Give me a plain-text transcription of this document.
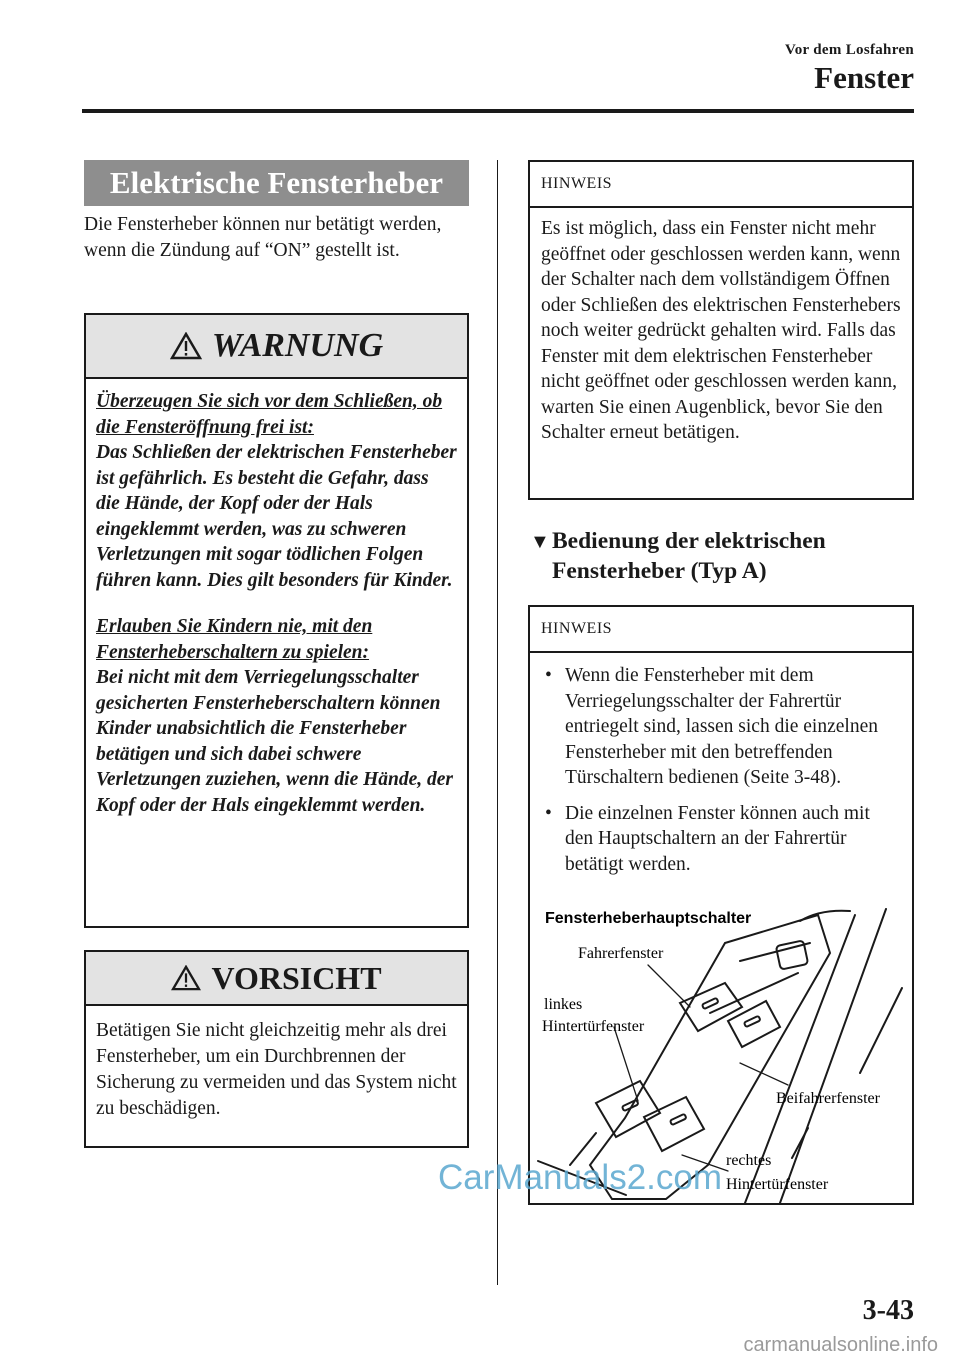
Vor dem Losfahren
Fenster
Elektrische Fensterheber
Die Fensterheber können nur betätigt werden, wenn die Zündung auf “ON” gestellt ist.
WARNUNG

Überzeugen Sie sich vor dem Schließen, ob die Fensteröffnung frei ist:

Das Schließen der elektrischen Fensterheber ist gefährlich. Es besteht die Gefahr, dass die Hände, der Kopf oder der Hals eingeklemmt werden, was zu schweren Verletzungen mit sogar tödlichen Folgen führen kann. Dies gilt besonders für Kinder.

Erlauben Sie Kindern nie, mit den Fensterheberschaltern zu spielen:

Bei nicht mit dem Verriegelungsschalter gesicherten Fensterheberschaltern können Kinder unabsichtlich die Fensterheber betätigen und sich dabei schwere Verletzungen zuziehen, wenn die Hände, der Kopf oder der Hals eingeklemmt werden.

VORSICHT
Betätigen Sie nicht gleichzeitig mehr als drei Fensterheber, um ein Durchbrennen der Sicherung zu vermeiden und das System nicht zu beschädigen.
HINWEIS
Es ist möglich, dass ein Fenster nicht mehr geöffnet oder geschlossen werden kann, wenn der Schalter nach dem vollständigem Öffnen oder Schließen des elektrischen Fensterhebers noch weiter gedrückt gehalten wird. Falls das Fenster mit dem elektrischen Fensterheber nicht geöffnet oder geschlossen werden kann, warten Sie einen Augenblick, bevor Sie den Schalter erneut betätigen.
▼Bedienung der elektrischen
Fensterheber (Typ A)
HINWEIS
• Wenn die Fensterheber mit dem Verriegelungsschalter der Fahrertür entriegelt sind, lassen sich die einzelnen Fensterheber mit den betreffenden Türschaltern bedienen (Seite 3-48).
• Die einzelnen Fenster können auch mit den Hauptschaltern an der Fahrertür betätigt werden.
Fensterheberhauptschalter
Fahrerfenster
linkes
Hintertürfenster
Beifahrerfenster
rechtes
Hintertürfenster
CarManuals2.com
3-43
carmanualsonline.info
